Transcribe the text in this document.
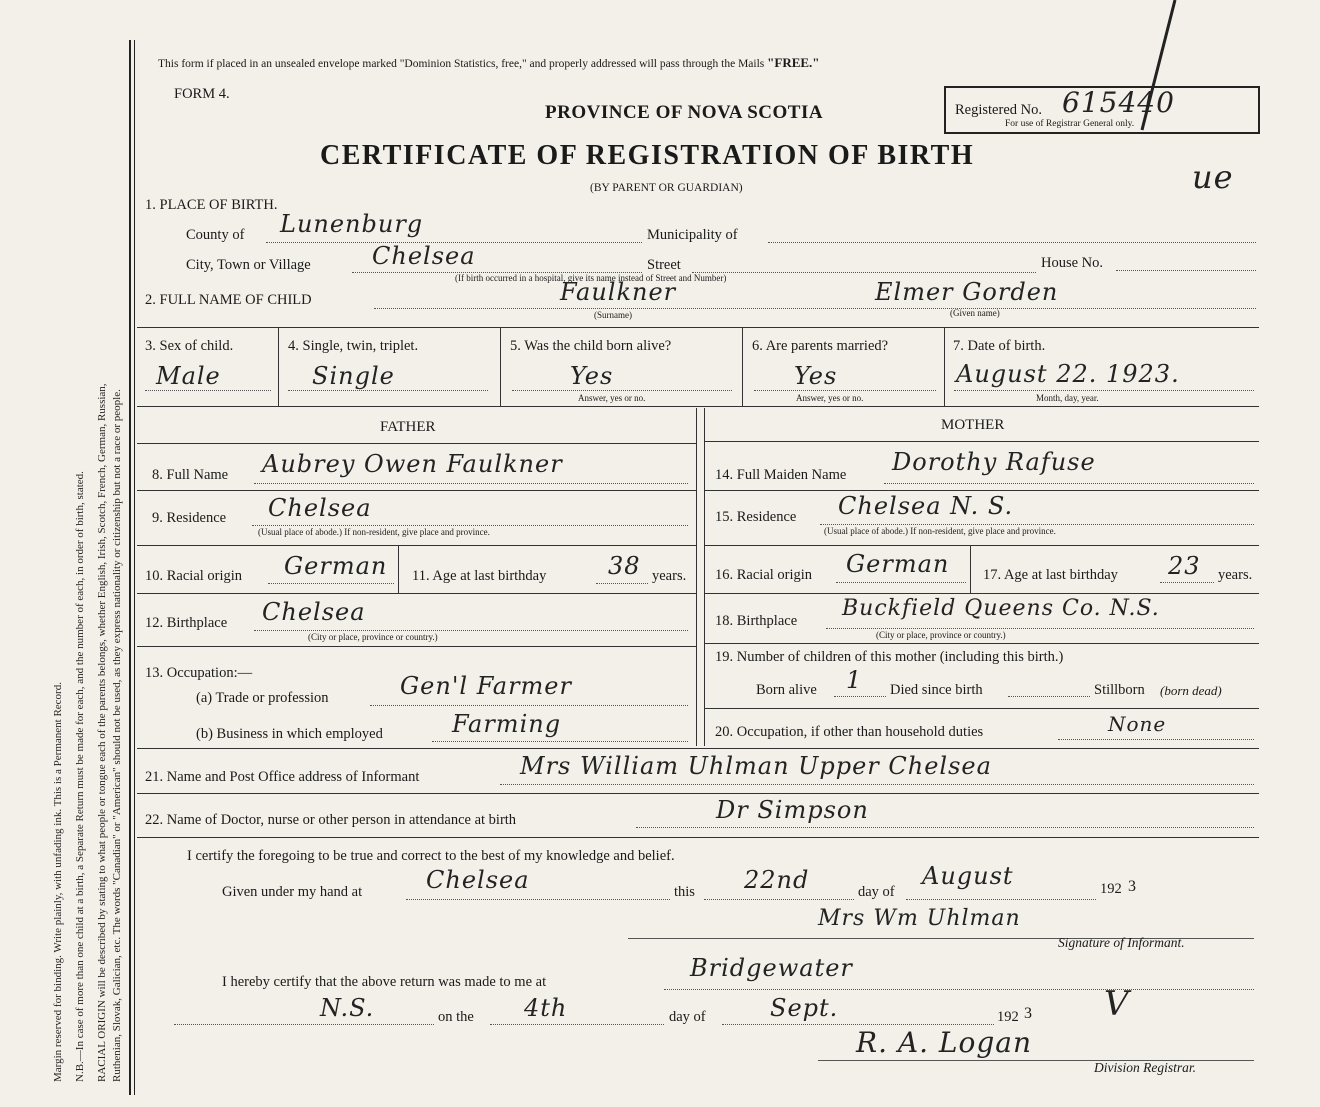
Margin reserved for binding. Write plainly, with unfading ink. This is a Permanent Record. N.B.—In case of more than one child at a birth, a Separate Return must be made for each, and the number of each, in order of birth, stated. RACIAL ORIGIN will be described by stating to what people or tongue each of the parents belongs, whether English, Irish, Scotch, French, German, Russian, Ruthenian, Slovak, Galician, etc. The words "Canadian" or "American" should not be used, as they express nationality or citizenship but not a race or people.
This form if placed in an unsealed envelope marked "Dominion Statistics, free," and properly addressed will pass through the Mails "FREE."
FORM 4.
PROVINCE OF NOVA SCOTIA
CERTIFICATE OF REGISTRATION OF BIRTH
(BY PARENT OR GUARDIAN)
Registered No. 615440
For use of Registrar General only.
ue
1. PLACE OF BIRTH.
County of Lunenburg	Municipality of
City, Town or Village	Chelsea	Street	House No.
(If birth occurred in a hospital, give its name instead of Street and Number)
2. FULL NAME OF CHILD	Faulkner	Elmer Gorden
(Surname)	(Given name)
3. Sex of child.
Male
4. Single, twin, triplet.
Single
5. Was the child born alive?
Yes
Answer, yes or no.
6. Are parents married?
Yes
Answer, yes or no.
7. Date of birth.
August 22. 1923.
Month, day, year.
FATHER	MOTHER
8. Full Name Aubrey Owen Faulkner
9. Residence Chelsea
(Usual place of abode.) If non-resident, give place and province.
10. Racial origin German 11. Age at last birthday	38 years.
12. Birthplace Chelsea
(City or place, province or country.)
13. Occupation:—
(a) Trade or profession	Gen'l Farmer
(b) Business in which employed	Farming
14. Full Maiden Name Dorothy Rafuse
15. Residence Chelsea N. S.
(Usual place of abode.) If non-resident, give place and province.
16. Racial origin German 17. Age at last birthday 23 years.
18. Birthplace Buckfield Queens Co. N.S.
(City or place, province or country.)
19. Number of children of this mother (including this birth.)
Born alive 1 Died since birth	Stillborn (born dead)
20. Occupation, if other than household duties	None
21. Name and Post Office address of Informant	Mrs William Uhlman Upper Chelsea
22. Name of Doctor, nurse or other person in attendance at birth	Dr Simpson
I certify the foregoing to be true and correct to the best of my knowledge and belief.
Given under my hand at	Chelsea	this 22nd	day of
August	192 3
Mrs Wm Uhlman
Signature of Informant.
I hereby certify that the above return was made to me at	Bridgewater
N.S.	on the 4th	day of	Sept.	192 3 V
R. A. Logan
Division Registrar.
